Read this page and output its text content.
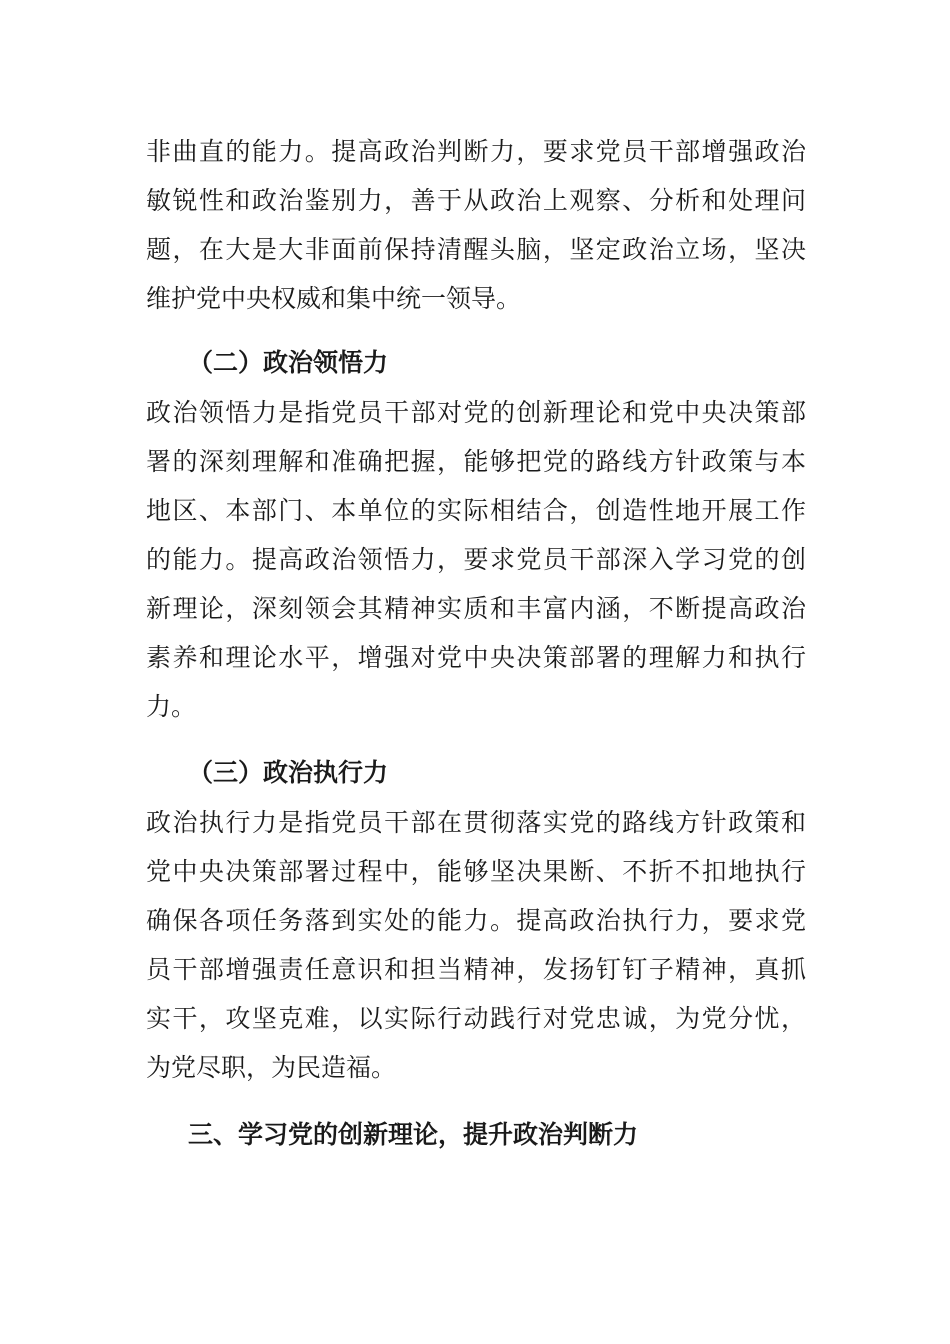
非曲直的能力。提高政治判断力，要求党员干部增强政治
敏锐性和政治鉴别力，善于从政治上观察、分析和处理问
题，在大是大非面前保持清醒头脑，坚定政治立场，坚决
维护党中央权威和集中统一领导。
（二）政治领悟力
政治领悟力是指党员干部对党的创新理论和党中央决策部
署的深刻理解和准确把握，能够把党的路线方针政策与本
地区、本部门、本单位的实际相结合，创造性地开展工作
的能力。提高政治领悟力，要求党员干部深入学习党的创
新理论，深刻领会其精神实质和丰富内涵，不断提高政治
素养和理论水平，增强对党中央决策部署的理解力和执行
力。
（三）政治执行力
政治执行力是指党员干部在贯彻落实党的路线方针政策和
党中央决策部署过程中，能够坚决果断、不折不扣地执行
确保各项任务落到实处的能力。提高政治执行力，要求党
员干部增强责任意识和担当精神，发扬钉钉子精神，真抓
实干，攻坚克难，以实际行动践行对党忠诚，为党分忧，
为党尽职，为民造福。
三、学习党的创新理论，提升政治判断力
